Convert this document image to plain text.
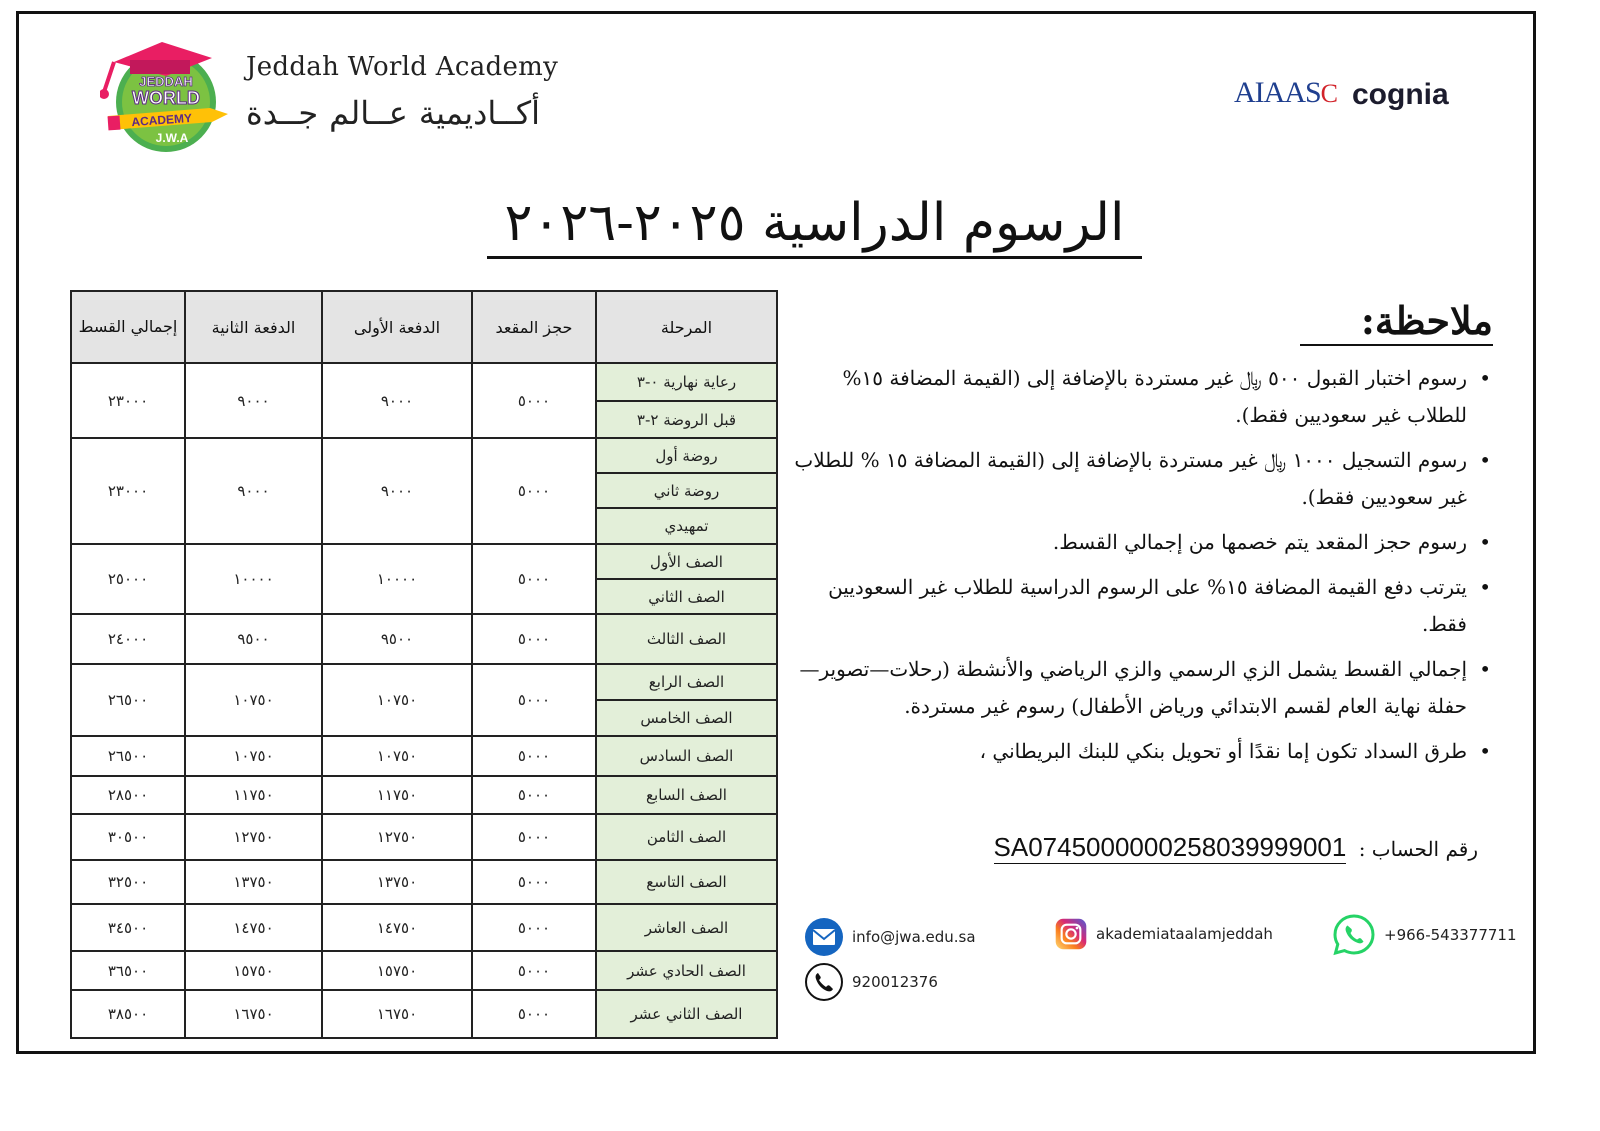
JEDDAH
WORLD
ACADEMY
J.W.A
Jeddah World Academy
أكــاديمية عــالم جــدة
AIAASC cognia
الرسوم الدراسية ٢٠٢٥-٢٠٢٦
المرحلة	حجز المقعد	الدفعة الأولى	الدفعة الثانية	إجمالي القسط
رعاية نهارية ٠-٣	٥٠٠٠	٩٠٠٠	٩٠٠٠	٢٣٠٠٠
قبل الروضة ٢-٣				
روضة أول	٥٠٠٠	٩٠٠٠	٩٠٠٠	٢٣٠٠٠
روضة ثاني				
تمهيدي				
الصف الأول	٥٠٠٠	١٠٠٠٠	١٠٠٠٠	٢٥٠٠٠
الصف الثاني				
الصف الثالث	٥٠٠٠	٩٥٠٠	٩٥٠٠	٢٤٠٠٠
الصف الرابع	٥٠٠٠	١٠٧٥٠	١٠٧٥٠	٢٦٥٠٠
الصف الخامس				
الصف السادس	٥٠٠٠	١٠٧٥٠	١٠٧٥٠	٢٦٥٠٠
الصف السابع	٥٠٠٠	١١٧٥٠	١١٧٥٠	٢٨٥٠٠
الصف الثامن	٥٠٠٠	١٢٧٥٠	١٢٧٥٠	٣٠٥٠٠
الصف التاسع	٥٠٠٠	١٣٧٥٠	١٣٧٥٠	٣٢٥٠٠
الصف العاشر	٥٠٠٠	١٤٧٥٠	١٤٧٥٠	٣٤٥٠٠
الصف الحادي عشر	٥٠٠٠	١٥٧٥٠	١٥٧٥٠	٣٦٥٠٠
الصف الثاني عشر	٥٠٠٠	١٦٧٥٠	١٦٧٥٠	٣٨٥٠٠
ملاحظة:
• رسوم اختبار القبول ٥٠٠ ﷼ غير مستردة بالإضافة إلى (القيمة المضافة ١٥% للطلاب غير سعوديين فقط).
• رسوم التسجيل ١٠٠٠ ﷼ غير مستردة بالإضافة إلى (القيمة المضافة ١٥ % للطلاب غير سعوديين فقط).
• رسوم حجز المقعد يتم خصمها من إجمالي القسط.
• يترتب دفع القيمة المضافة ١٥% على الرسوم الدراسية للطلاب غير السعوديين فقط.
• إجمالي القسط يشمل الزي الرسمي والزي الرياضي والأنشطة (رحلات—تصوير—حفلة نهاية العام لقسم الابتدائي ورياض الأطفال) رسوم غير مستردة.
• طرق السداد تكون إما نقدًا أو تحويل بنكي للبنك البريطاني ،
رقم الحساب : SA0745000000258039999001
info@jwa.edu.sa
920012376
akademiataalamjeddah	+966-543377711
